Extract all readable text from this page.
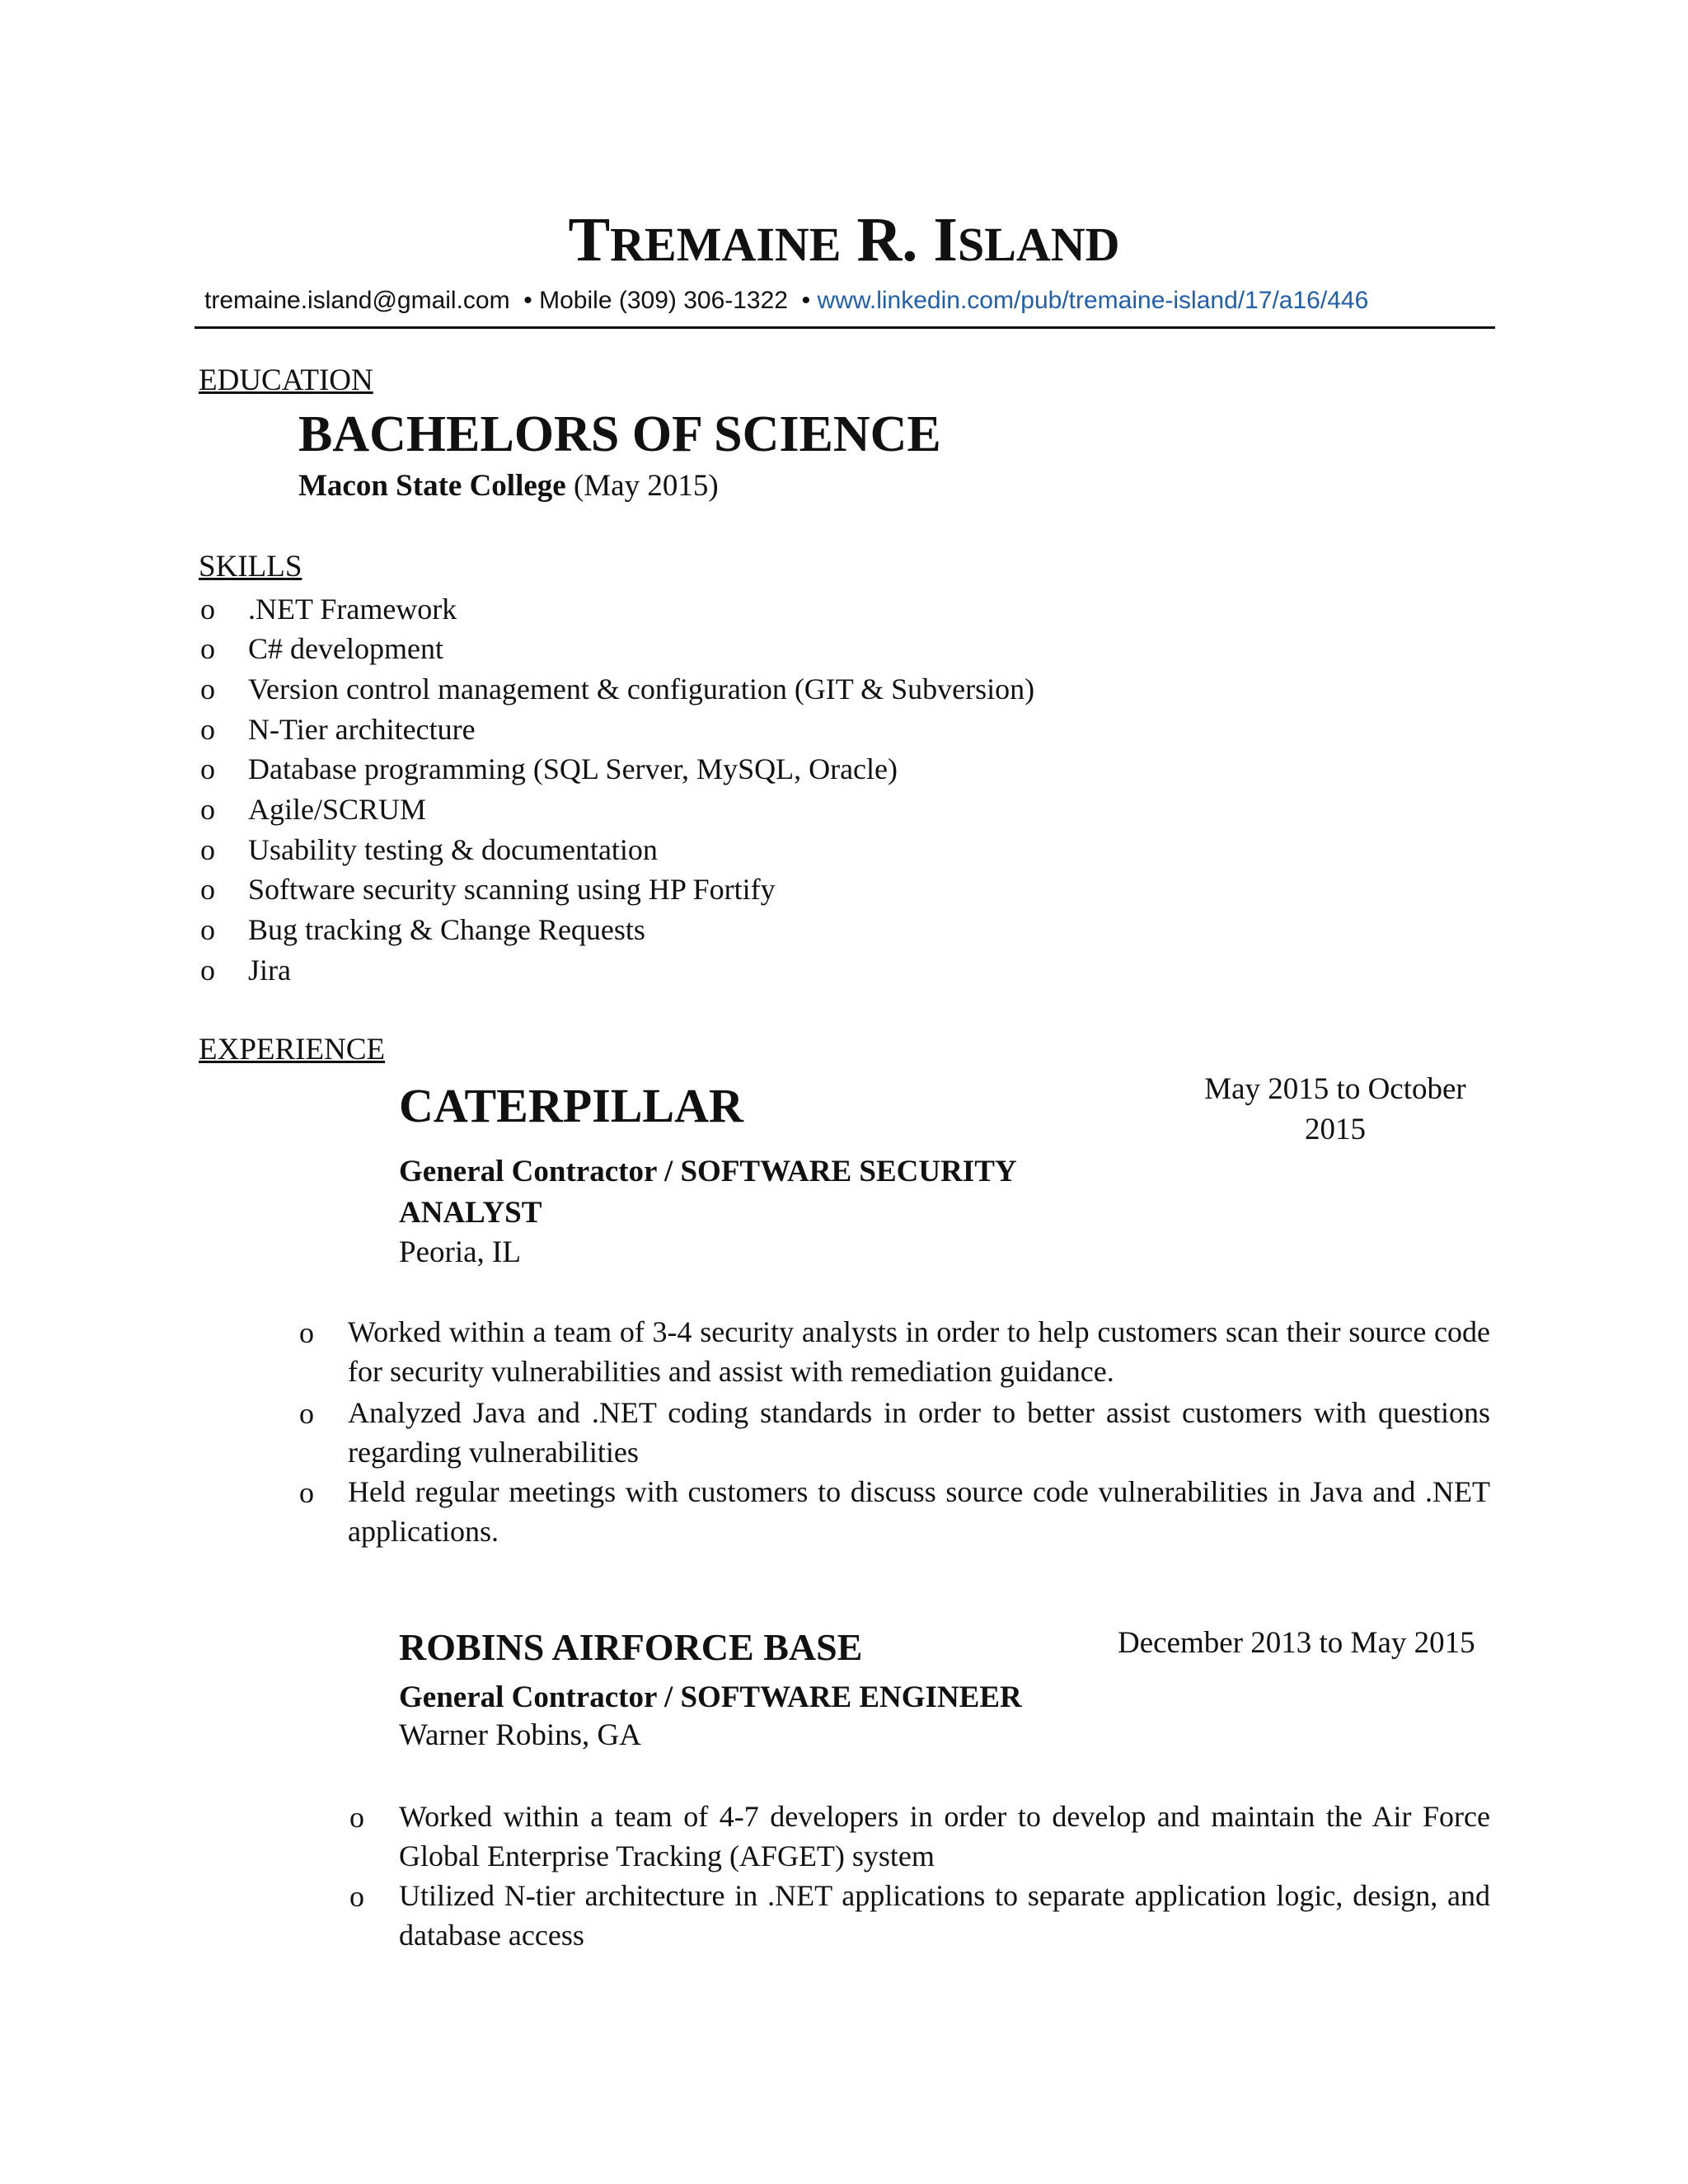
TREMAINE R. ISLAND
tremaine.island@gmail.com • Mobile (309) 306-1322 • www.linkedin.com/pub/tremaine-island/17/a16/446
EDUCATION
BACHELORS OF SCIENCE
Macon State College (May 2015)
SKILLS
o .NET Framework
o C# development
o Version control management & configuration (GIT & Subversion)
o N-Tier architecture
o Database programming (SQL Server, MySQL, Oracle)
o Agile/SCRUM
o Usability testing & documentation
o Software security scanning using HP Fortify
o Bug tracking & Change Requests
o Jira
EXPERIENCE
CATERPILLAR	May 2015 to October
2015
General Contractor / SOFTWARE SECURITY
ANALYST
Peoria, IL
o Worked within a team of 3-4 security analysts in order to help customers scan their source code for security vulnerabilities and assist with remediation guidance.
o Analyzed Java and .NET coding standards in order to better assist customers with questions regarding vulnerabilities
o Held regular meetings with customers to discuss source code vulnerabilities in Java and .NET applications.
ROBINS AIRFORCE BASE	December 2013 to May 2015
General Contractor / SOFTWARE ENGINEER
Warner Robins, GA
o Worked within a team of 4-7 developers in order to develop and maintain the Air Force Global Enterprise Tracking (AFGET) system
o Utilized N-tier architecture in .NET applications to separate application logic, design, and database access
